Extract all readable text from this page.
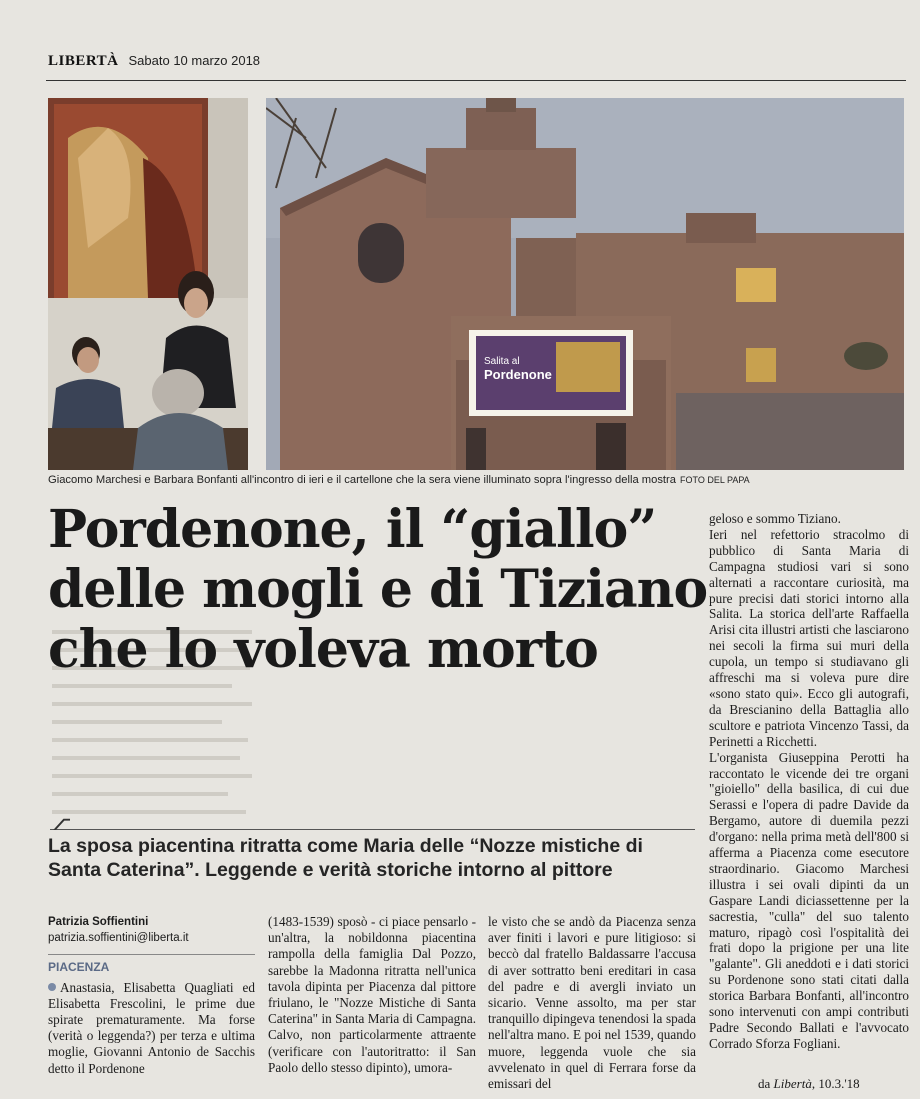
LIBERTÀ Sabato 10 marzo 2018
Salita al
Pordenone
Giacomo Marchesi e Barbara Bonfanti all'incontro di ieri e il cartellone che la sera viene illuminato sopra l'ingresso della mostra FOTO DEL PAPA
Pordenone, il “giallo”
delle mogli e di Tiziano
che lo voleva morto
La sposa piacentina ritratta come Maria delle “Nozze mistiche di Santa Caterina”. Leggende e verità storiche intorno al pittore
Patrizia Soffientini
patrizia.soffientini@liberta.it
PIACENZA

Anastasia, Elisabetta Quagliati ed Elisabetta Frescolini, le prime due spirate prematuramente. Ma forse (verità o leggenda?) per terza e ultima moglie, Giovanni Antonio de Sacchis detto il Pordenone

(1483-1539) sposò - ci piace pensarlo - un'altra, la nobildonna piacentina rampolla della famiglia Dal Pozzo, sarebbe la Madonna ritratta nell'unica tavola dipinta per Piacenza dal pittore friulano, le "Nozze Mistiche di Santa Caterina" in Santa Maria di Campagna. Calvo, non particolarmente attraente (verificare con l'autoritratto: il San Paolo dello stesso dipinto), umora-

le visto che se andò da Piacenza senza aver finiti i lavori e pure litigioso: si beccò dal fratello Baldassarre l'accusa di aver sottratto beni ereditari in casa del padre e di avergli inviato un sicario. Venne assolto, ma per star tranquillo dipingeva tenendosi la spada nell'altra mano. E poi nel 1539, quando muore, leggenda vuole che sia avvelenato in quel di Ferrara forse da emissari del

geloso e sommo Tiziano.

Ieri nel refettorio stracolmo di pubblico di Santa Maria di Campagna studiosi vari si sono alternati a raccontare curiosità, ma pure precisi dati storici intorno alla Salita. La storica dell'arte Raffaella Arisi cita illustri artisti che lasciarono nei secoli la firma sui muri della cupola, un tempo si studiavano gli affreschi ma si voleva pure dire «sono stato qui». Ecco gli autografi, da Brescianino della Battaglia allo scultore e patriota Vincenzo Tassi, da Perinetti a Ricchetti.

L'organista Giuseppina Perotti ha raccontato le vicende dei tre organi "gioiello" della basilica, di cui due Serassi e l'opera di padre Davide da Bergamo, autore di duemila pezzi d'organo: nella prima metà dell'800 si afferma a Piacenza come esecutore straordinario. Giacomo Marchesi illustra i sei ovali dipinti da un Gaspare Landi diciassettenne per la sacrestia, "culla" del suo talento maturo, ripagò così l'ospitalità dei frati dopo la prigione per una lite "galante". Gli aneddoti e i dati storici su Pordenone sono stati citati dalla storica Barbara Bonfanti, all'incontro sono intervenuti con ampi contributi Padre Secondo Ballati e l'avvocato Corrado Sforza Fogliani.

da Libertà, 10.3.'18
